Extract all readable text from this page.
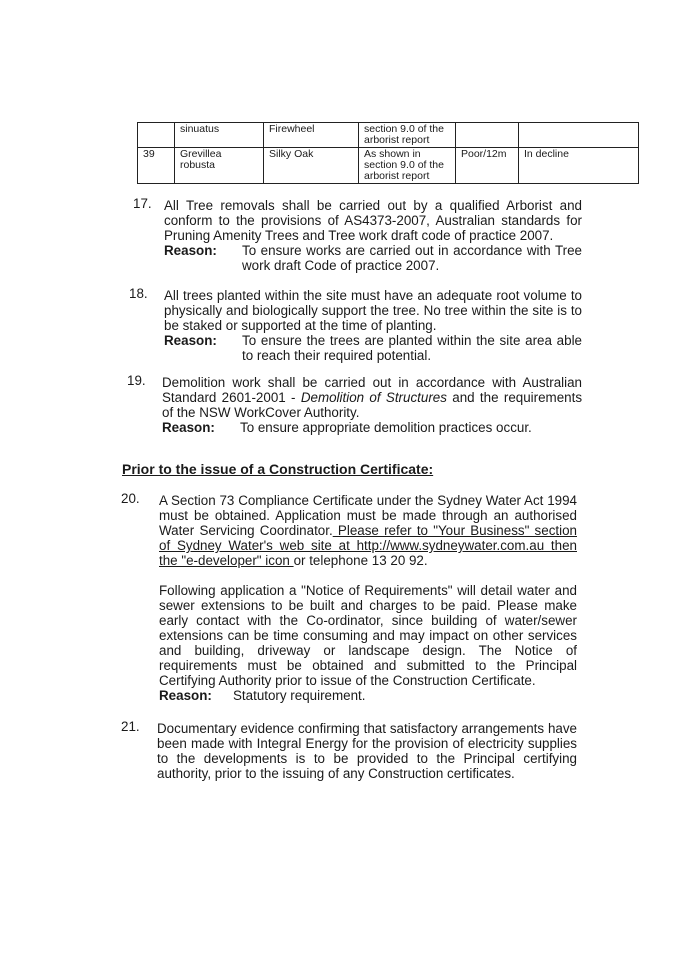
	sinuatus	Firewheel	section 9.0 of the arborist report		
39	Grevillea robusta	Silky Oak	As shown in section 9.0 of the arborist report	Poor/12m	In decline
17. All Tree removals shall be carried out by a qualified Arborist and conform to the provisions of AS4373-2007, Australian standards for Pruning Amenity Trees and Tree work draft code of practice 2007.

Reason:	To ensure works are carried out in accordance with Tree work draft Code of practice 2007.
18. All trees planted within the site must have an adequate root volume to physically and biologically support the tree. No tree within the site is to be staked or supported at the time of planting.

Reason:	To ensure the trees are planted within the site area able to reach their required potential.
19. Demolition work shall be carried out in accordance with Australian Standard 2601-2001 - Demolition of Structures and the requirements of the NSW WorkCover Authority.

Reason:	To ensure appropriate demolition practices occur.
Prior to the issue of a Construction Certificate:
20. A Section 73 Compliance Certificate under the Sydney Water Act 1994 must be obtained. Application must be made through an authorised Water Servicing Coordinator. Please refer to "Your Business" section of Sydney Water's web site at http://www.sydneywater.com.au then the "e-developer" icon or telephone 13 20 92.

Following application a "Notice of Requirements" will detail water and sewer extensions to be built and charges to be paid. Please make early contact with the Co-ordinator, since building of water/sewer extensions can be time consuming and may impact on other services and building, driveway or landscape design. The Notice of requirements must be obtained and submitted to the Principal Certifying Authority prior to issue of the Construction Certificate.

Reason:	Statutory requirement.
21. Documentary evidence confirming that satisfactory arrangements have been made with Integral Energy for the provision of electricity supplies to the developments is to be provided to the Principal certifying authority, prior to the issuing of any Construction certificates.
